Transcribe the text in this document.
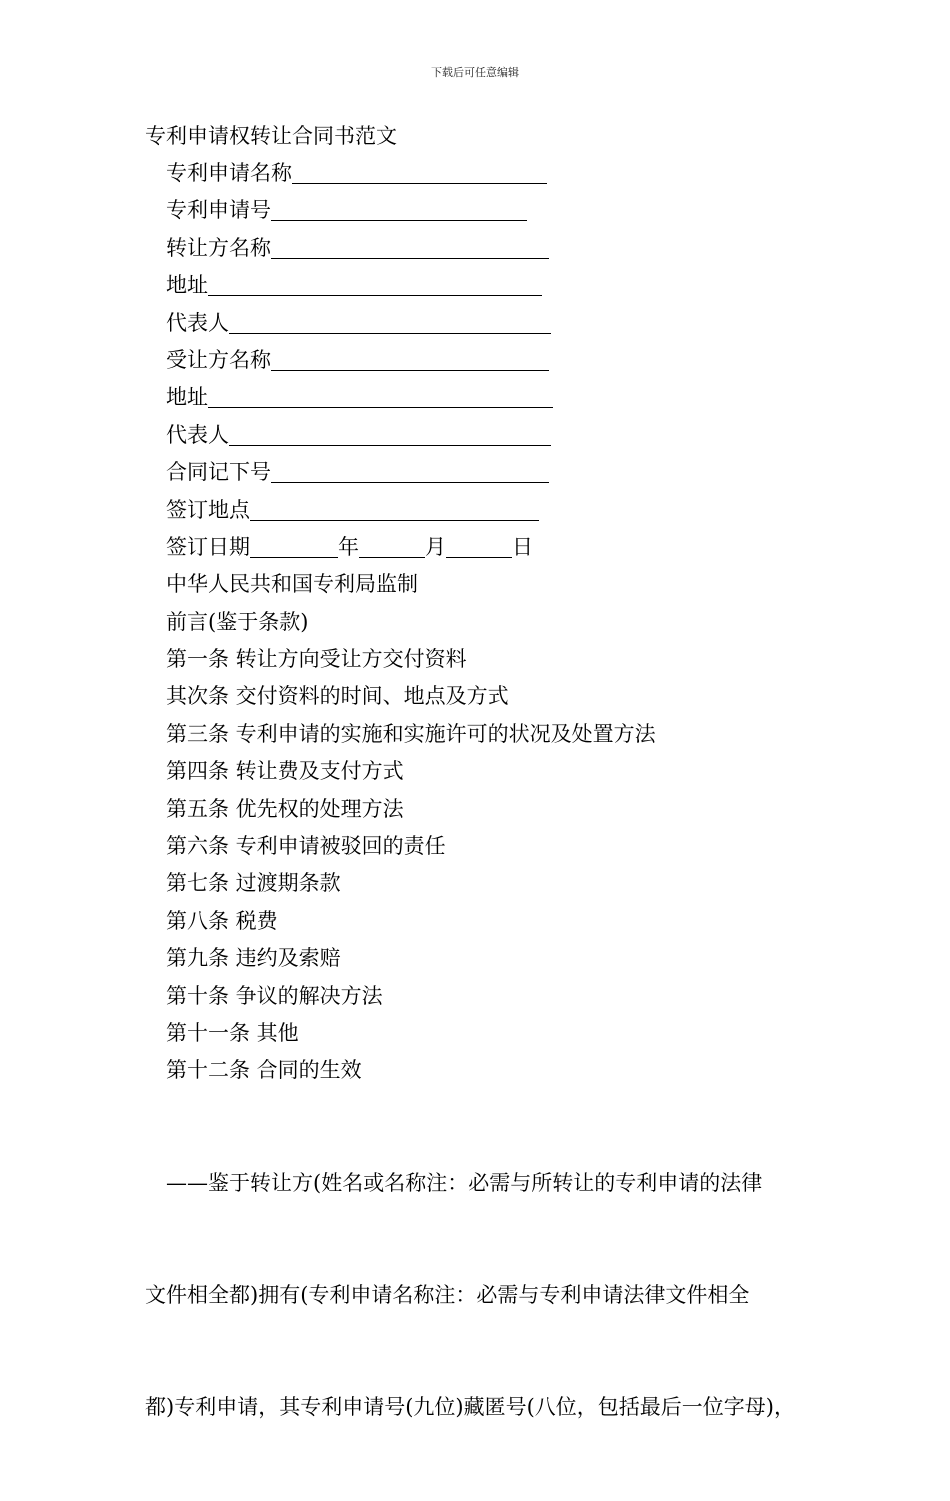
下载后可任意编辑
专利申请权转让合同书范文
专利申请名称
专利申请号
转让方名称
地址
代表人
受让方名称
地址
代表人
合同记下号
签订地点
签订日期	年	月	日
中华人民共和国专利局监制
前言(鉴于条款)
第一条 转让方向受让方交付资料
其次条 交付资料的时间、地点及方式
第三条 专利申请的实施和实施许可的状况及处置方法
第四条 转让费及支付方式
第五条 优先权的处理方法
第六条 专利申请被驳回的责任
第七条 过渡期条款
第八条 税费
第九条 违约及索赔
第十条 争议的解决方法
第十一条 其他
第十二条 合同的生效

——鉴于转让方(姓名或名称注：必需与所转让的专利申请的法律

文件相全都)拥有(专利申请名称注：必需与专利申请法律文件相全

都)专利申请，其专利申请号(九位)藏匿号(八位，包括最后一位字母)，
